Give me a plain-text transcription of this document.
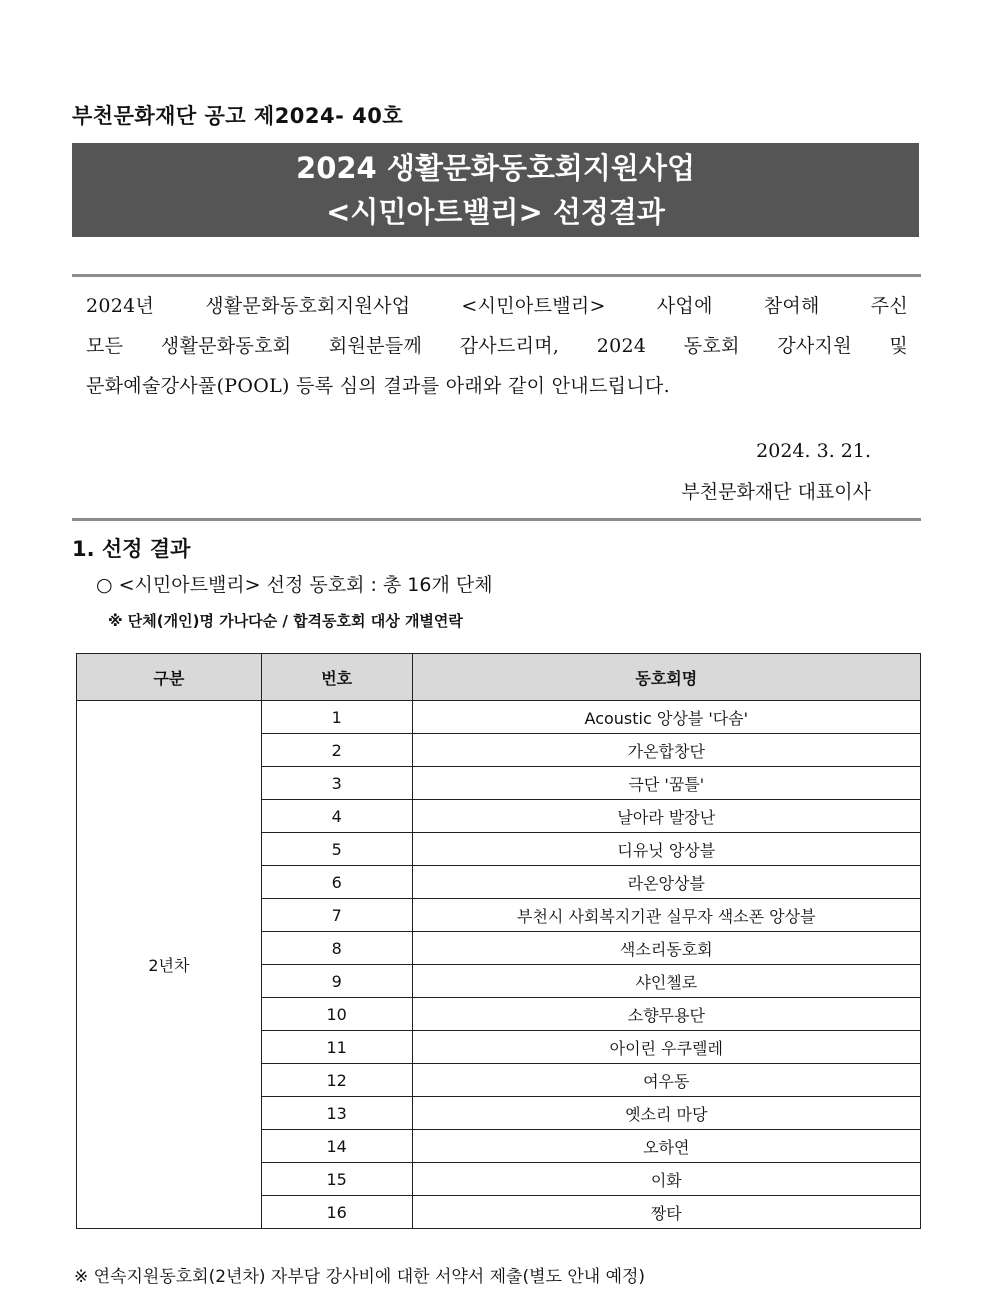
부천문화재단 공고 제2024- 40호
2024 생활문화동호회지원사업
<시민아트밸리> 선정결과
2024년 생활문화동호회지원사업 <시민아트밸리> 사업에 참여해 주신
모든 생활문화동호회 회원분들께 감사드리며, 2024 동호회 강사지원 및
문화예술강사풀(POOL) 등록 심의 결과를 아래와 같이 안내드립니다.
2024. 3. 21.
부천문화재단 대표이사
1. 선정 결과
○ <시민아트밸리> 선정 동호회 : 총 16개 단체
※ 단체(개인)명 가나다순 / 합격동호회 대상 개별연락
구분	번호	동호회명
2년차	1	Acoustic 앙상블 '다솜'
	2	가온합창단
	3	극단 '꿈틀'
	4	날아라 발장난
	5	디유닛 앙상블
	6	라온앙상블
	7	부천시 사회복지기관 실무자 색소폰 앙상블
	8	색소리동호회
	9	샤인첼로
	10	소향무용단
	11	아이린 우쿠렐레
	12	여우동
	13	옛소리 마당
	14	오하연
	15	이화
	16	짱타
※ 연속지원동호회(2년차) 자부담 강사비에 대한 서약서 제출(별도 안내 예정)
